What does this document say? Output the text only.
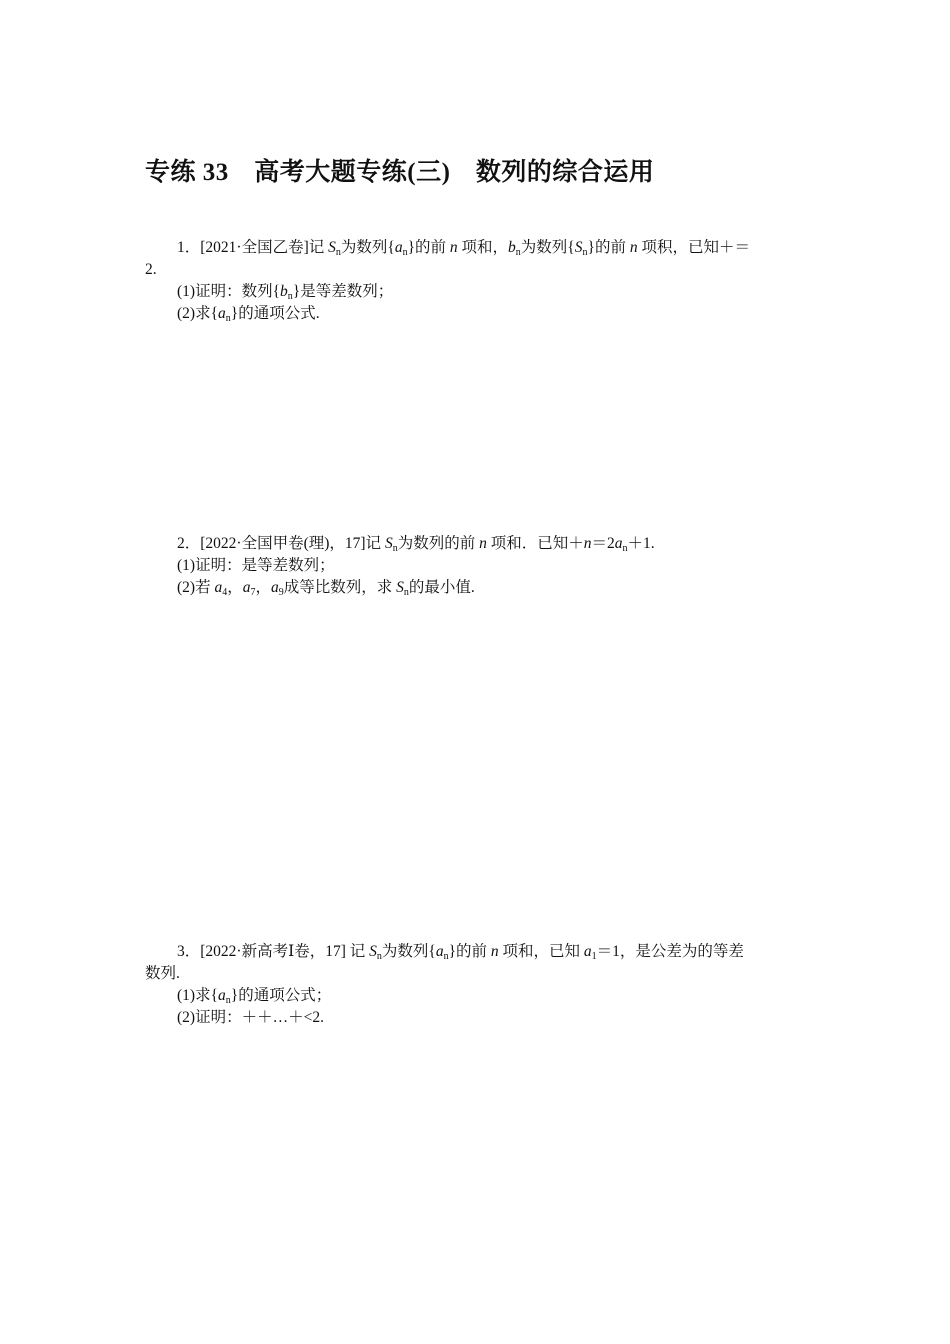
专练 33　高考大题专练(三)　数列的综合运用
1．[2021·全国乙卷]记 $S_n$为数列$\{a_n\}$的前 n 项和，$b_n$为数列$\{S_n\}$的前 n 项积，已知＋＝
2.
(1)证明：数列$\{b_n\}$是等差数列；
(2)求$\{a_n\}$的通项公式.
2．[2022·全国甲卷(理)，17]记 $S_n$为数列的前 n 项和．已知$+n=2a_n+1$.
(1)证明：是等差数列；
(2)若 $a_4$，$a_7$，$a_9$成等比数列，求 $S_n$的最小值.
3．[2022·新高考Ⅰ卷，17] 记 $S_n$为数列$\{a_n\}$的前 n 项和，已知 $a_1=1$，是公差为的等差
数列.
(1)求$\{a_n\}$的通项公式；
(2)证明：＋＋…＋<2.
